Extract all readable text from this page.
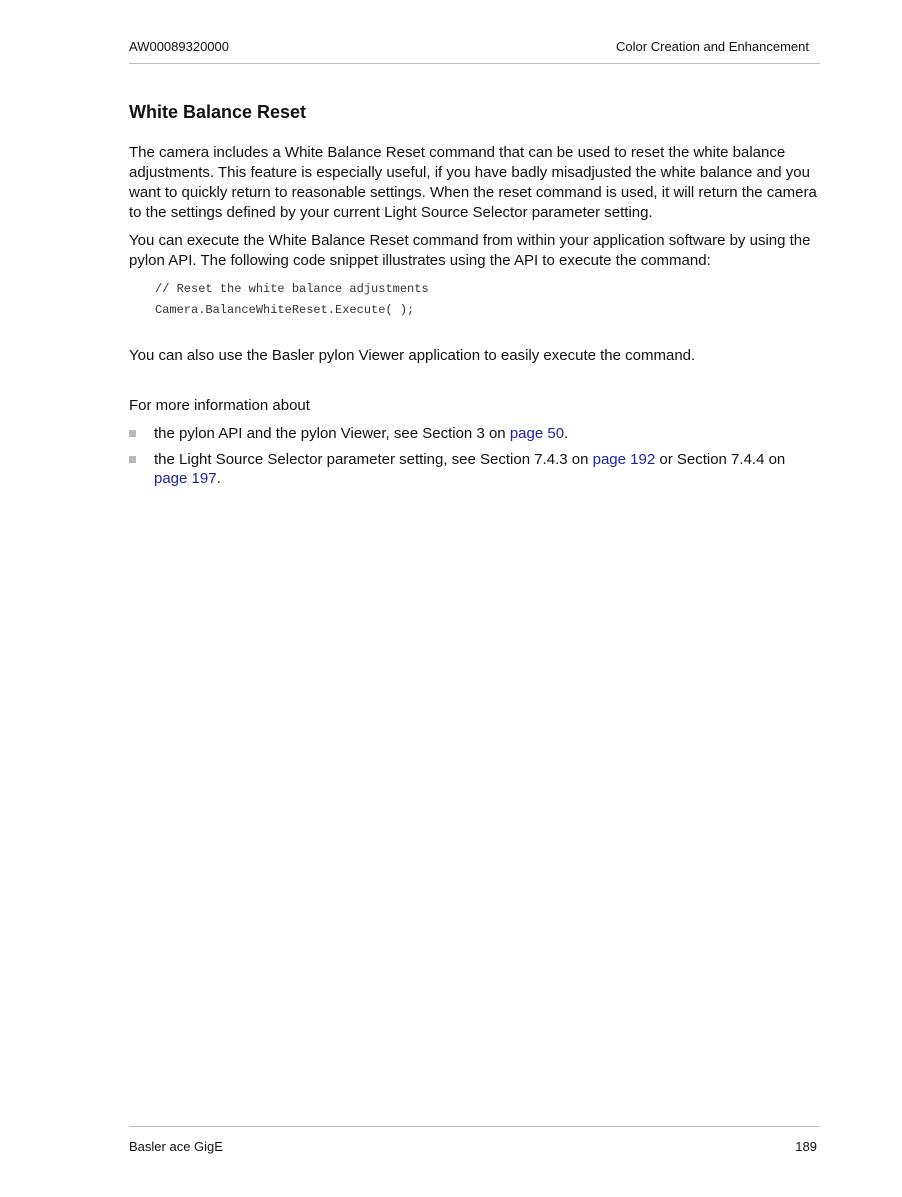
AW00089320000	Color Creation and Enhancement
White Balance Reset

The camera includes a White Balance Reset command that can be used to reset the white balance adjustments. This feature is especially useful, if you have badly misadjusted the white balance and you want to quickly return to reasonable settings. When the reset command is used, it will return the camera to the settings defined by your current Light Source Selector parameter setting.

You can execute the White Balance Reset command from within your application software by using the pylon API. The following code snippet illustrates using the API to execute the command:

// Reset the white balance adjustments
Camera.BalanceWhiteReset.Execute( );

You can also use the Basler pylon Viewer application to easily execute the command.

For more information about

the pylon API and the pylon Viewer, see Section 3 on page 50.
the Light Source Selector parameter setting, see Section 7.4.3 on page 192 or Section 7.4.4 on page 197.
Basler ace GigE	189
